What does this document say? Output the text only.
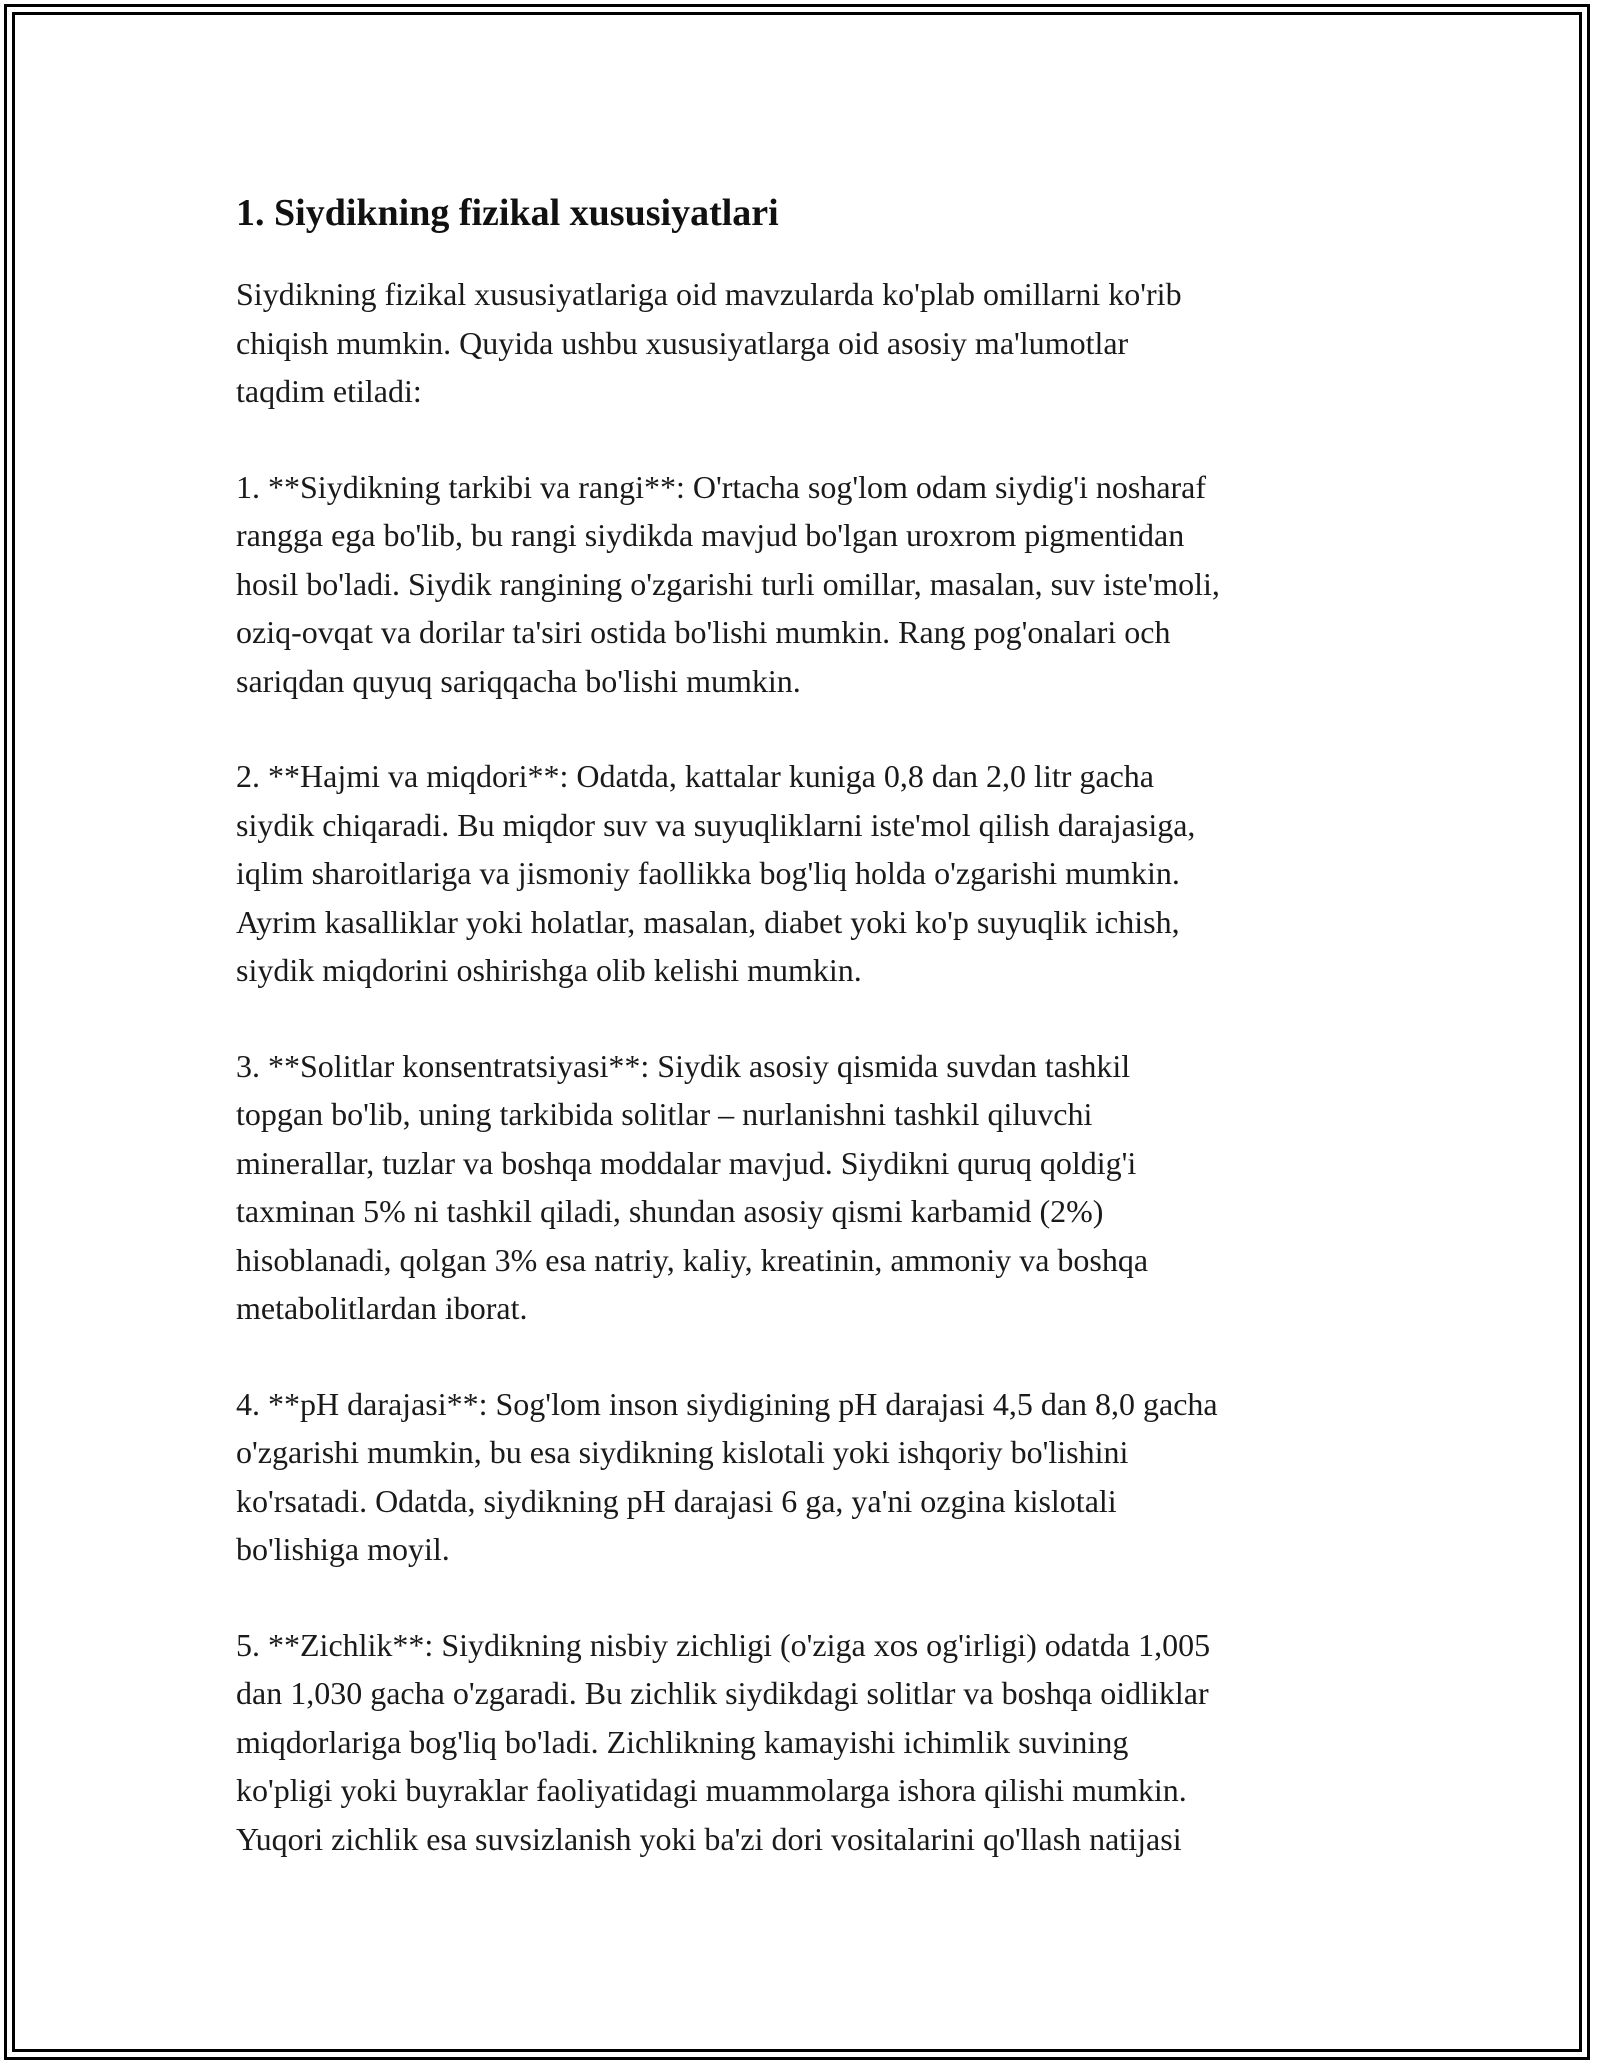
1. Siydikning fizikal xususiyatlari

Siydikning fizikal xususiyatlariga oid mavzularda ko'plab omillarni ko'rib
chiqish mumkin. Quyida ushbu xususiyatlarga oid asosiy ma'lumotlar
taqdim etiladi:

1. **Siydikning tarkibi va rangi**: O'rtacha sog'lom odam siydig'i nosharaf
rangga ega bo'lib, bu rangi siydikda mavjud bo'lgan uroxrom pigmentidan
hosil bo'ladi. Siydik rangining o'zgarishi turli omillar, masalan, suv iste'moli,
oziq-ovqat va dorilar ta'siri ostida bo'lishi mumkin. Rang pog'onalari och
sariqdan quyuq sariqqacha bo'lishi mumkin.

2. **Hajmi va miqdori**: Odatda, kattalar kuniga 0,8 dan 2,0 litr gacha
siydik chiqaradi. Bu miqdor suv va suyuqliklarni iste'mol qilish darajasiga,
iqlim sharoitlariga va jismoniy faollikka bog'liq holda o'zgarishi mumkin.
Ayrim kasalliklar yoki holatlar, masalan, diabet yoki ko'p suyuqlik ichish,
siydik miqdorini oshirishga olib kelishi mumkin.

3. **Solitlar konsentratsiyasi**: Siydik asosiy qismida suvdan tashkil
topgan bo'lib, uning tarkibida solitlar – nurlanishni tashkil qiluvchi
minerallar, tuzlar va boshqa moddalar mavjud. Siydikni quruq qoldig'i
taxminan 5% ni tashkil qiladi, shundan asosiy qismi karbamid (2%)
hisoblanadi, qolgan 3% esa natriy, kaliy, kreatinin, ammoniy va boshqa
metabolitlardan iborat.

4. **pH darajasi**: Sog'lom inson siydigining pH darajasi 4,5 dan 8,0 gacha
o'zgarishi mumkin, bu esa siydikning kislotali yoki ishqoriy bo'lishini
ko'rsatadi. Odatda, siydikning pH darajasi 6 ga, ya'ni ozgina kislotali
bo'lishiga moyil.

5. **Zichlik**: Siydikning nisbiy zichligi (o'ziga xos og'irligi) odatda 1,005
dan 1,030 gacha o'zgaradi. Bu zichlik siydikdagi solitlar va boshqa oidliklar
miqdorlariga bog'liq bo'ladi. Zichlikning kamayishi ichimlik suvining
ko'pligi yoki buyraklar faoliyatidagi muammolarga ishora qilishi mumkin.
Yuqori zichlik esa suvsizlanish yoki ba'zi dori vositalarini qo'llash natijasi
